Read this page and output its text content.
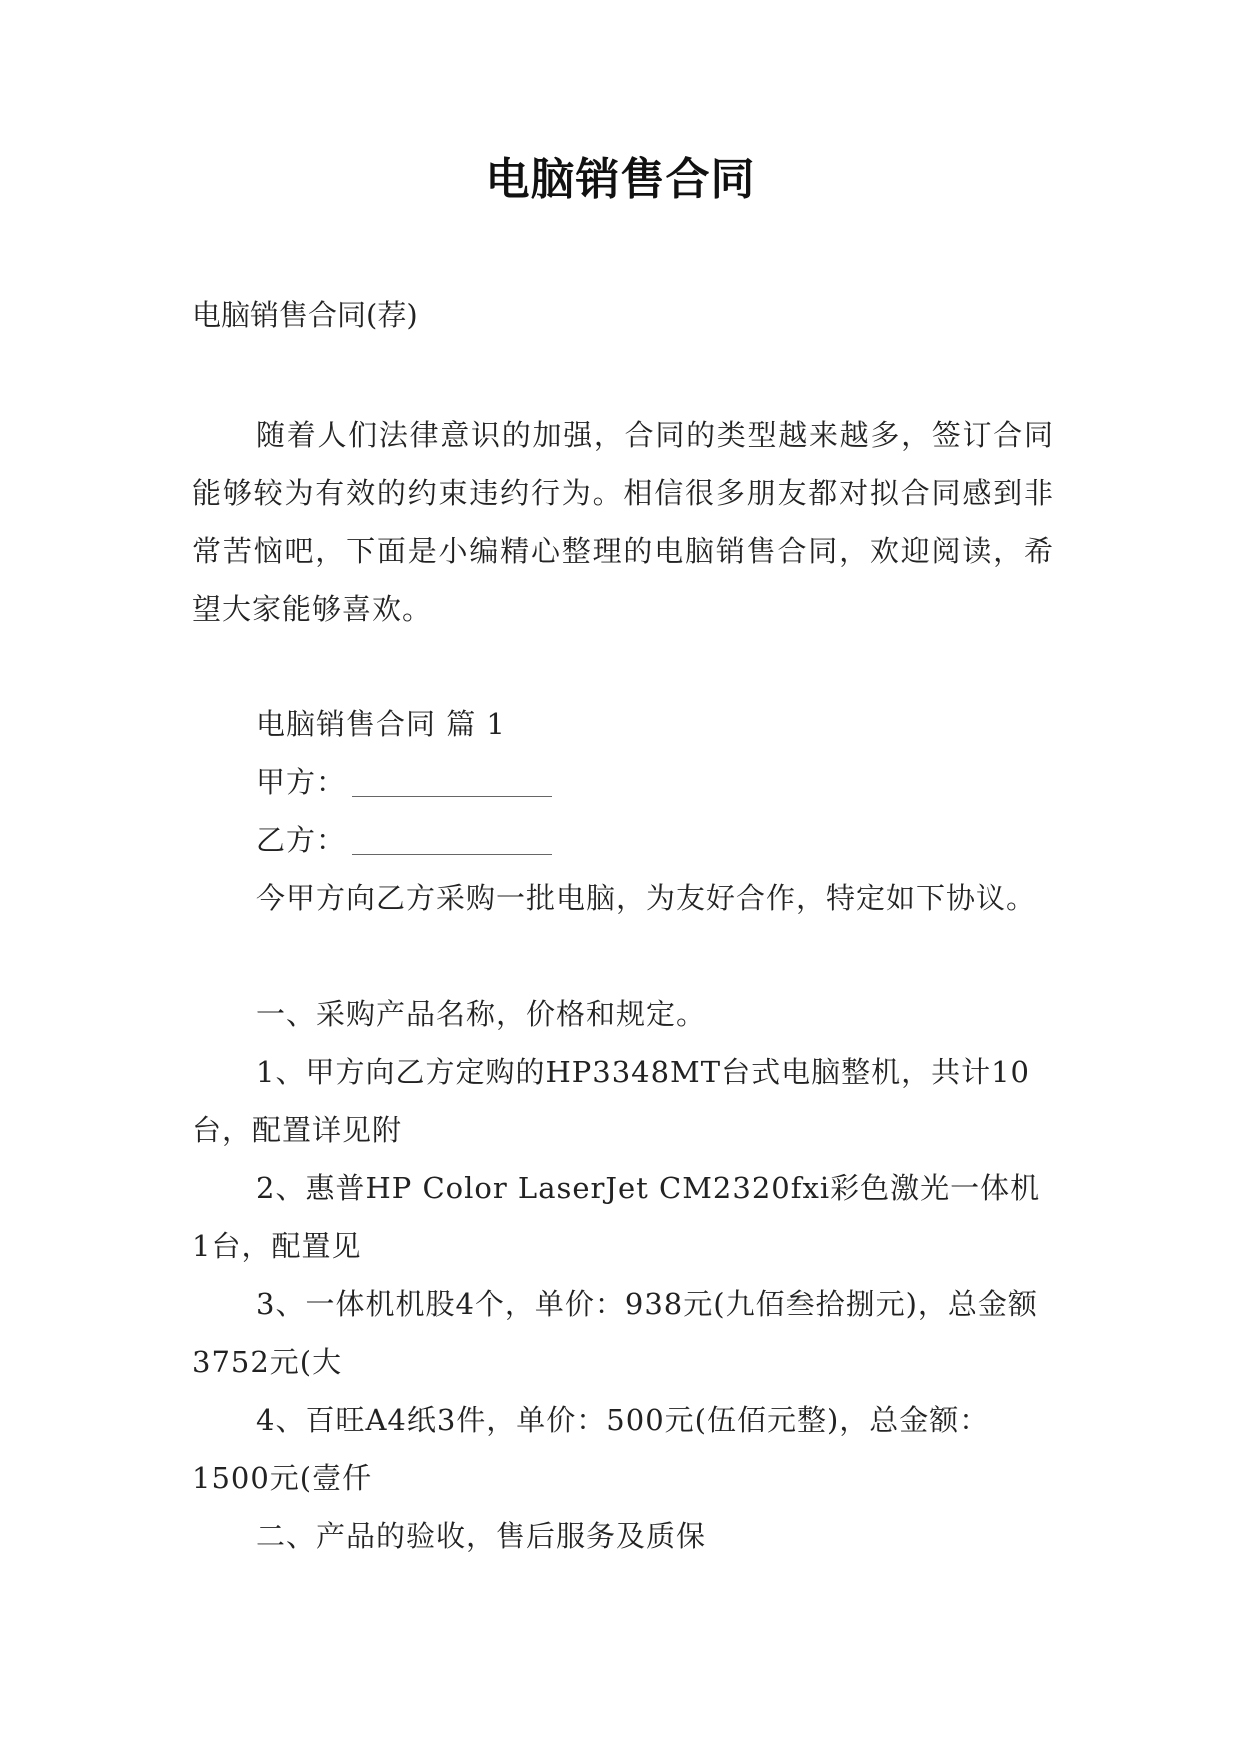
电脑销售合同
电脑销售合同(荐)
随着人们法律意识的加强，合同的类型越来越多，签订合同能够较为有效的约束违约行为。相信很多朋友都对拟合同感到非常苦恼吧，下面是小编精心整理的电脑销售合同，欢迎阅读，希望大家能够喜欢。
电脑销售合同 篇 1
甲方：
乙方：
今甲方向乙方采购一批电脑，为友好合作，特定如下协议。
一、采购产品名称，价格和规定。
1、甲方向乙方定购的HP3348MT台式电脑整机，共计10台，配置详见附
2、惠普HP Color LaserJet CM2320fxi彩色激光一体机1台，配置见
3、一体机机股4个，单价：938元(九佰叁拾捌元)，总金额3752元(大
4、百旺A4纸3件，单价：500元(伍佰元整)，总金额：1500元(壹仟
二、产品的验收，售后服务及质保
